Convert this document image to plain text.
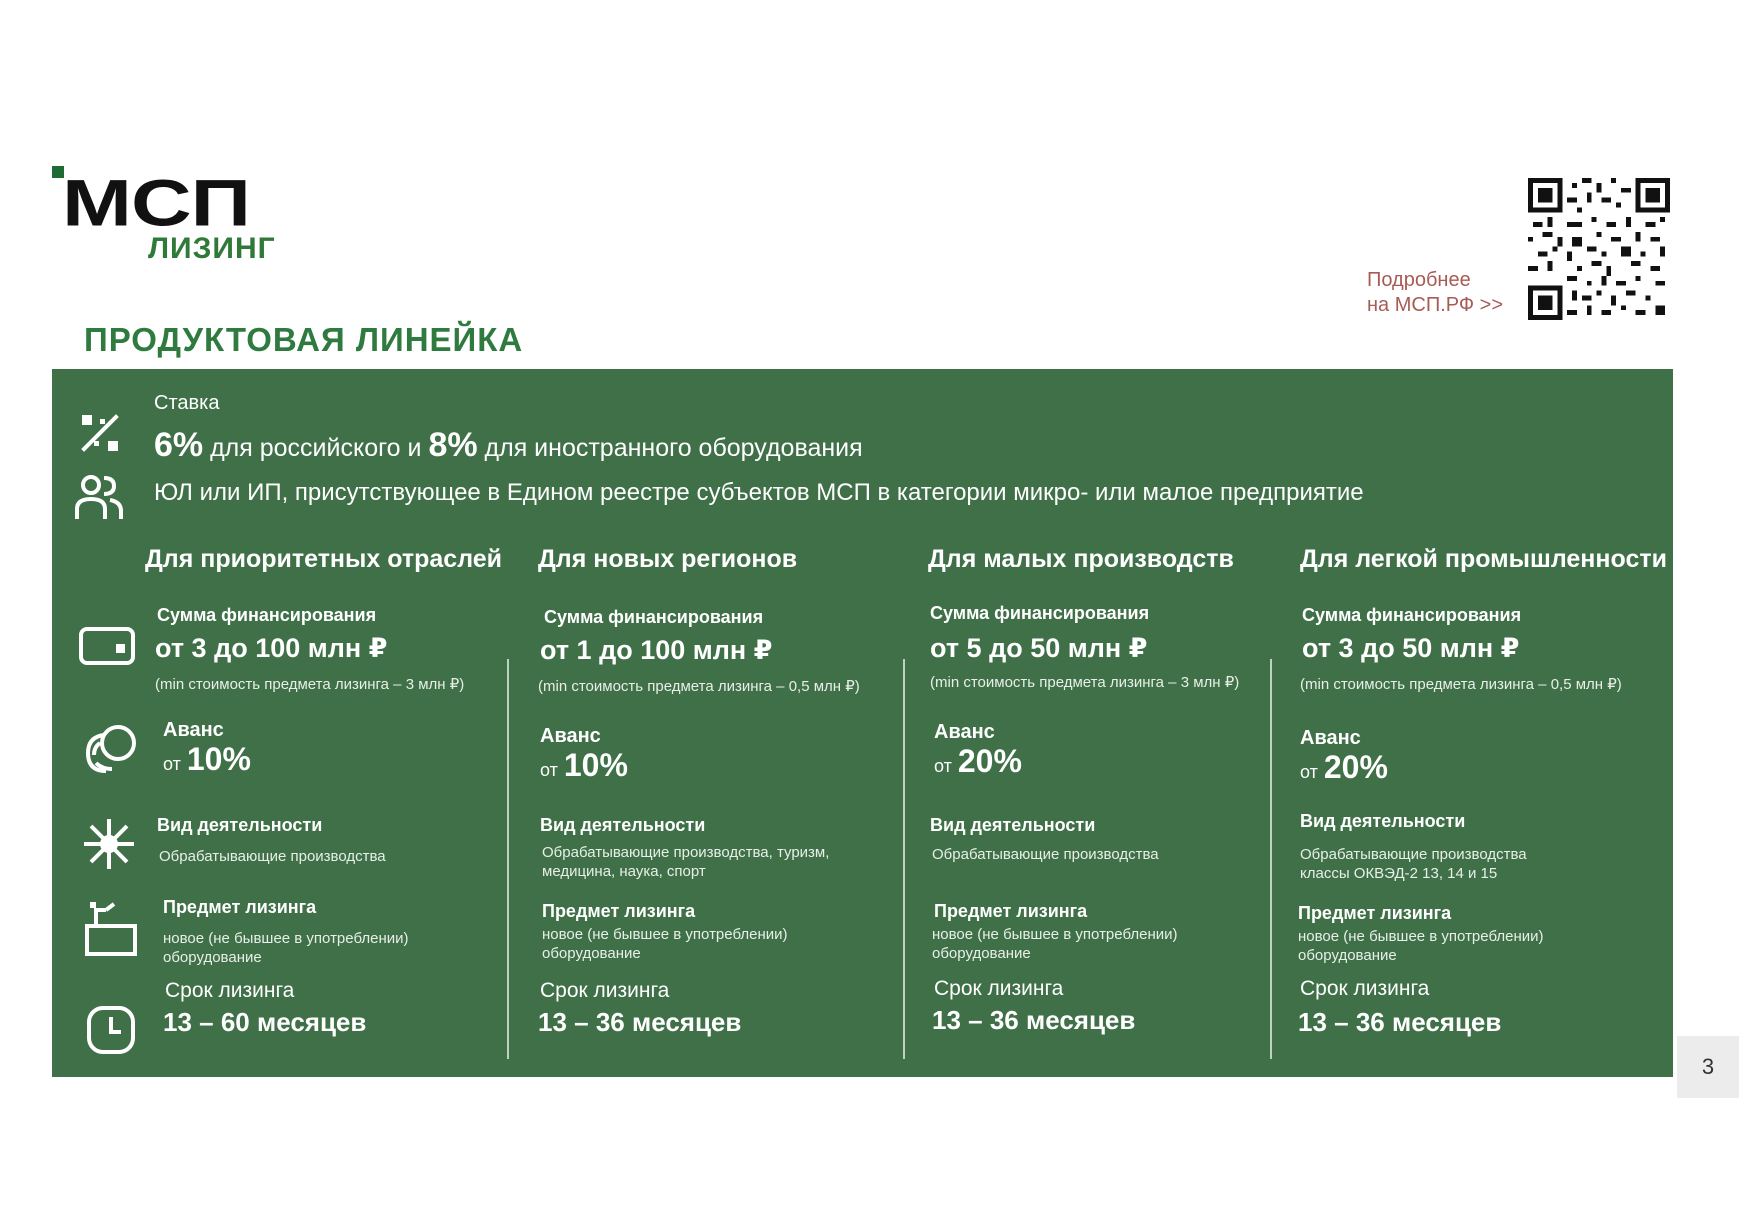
МСП
ЛИЗИНГ
Подробнее
на МСП.РФ >>
ПРОДУКТОВАЯ ЛИНЕЙКА
Ставка
6% для российского и 8% для иностранного оборудования
ЮЛ или ИП, присутствующее в Едином реестре субъектов МСП в категории микро- или малое предприятие
Для приоритетных отраслей
Сумма финансирования
от 3 до 100 млн ₽
(min стоимость предмета лизинга – 3 млн ₽)
Аванс
от 10%
Вид деятельности
Обрабатывающие производства
Предмет лизинга
новое (не бывшее в употреблении) оборудование
Срок лизинга
13 – 60 месяцев
Для новых регионов
Сумма финансирования
от 1 до 100 млн ₽
(min стоимость предмета лизинга – 0,5 млн ₽)
Аванс
от 10%
Вид деятельности
Обрабатывающие производства, туризм, медицина, наука, спорт
Предмет лизинга
новое (не бывшее в употреблении) оборудование
Срок лизинга
13 – 36 месяцев
Для малых производств
Сумма финансирования
от 5 до 50 млн ₽
(min стоимость предмета лизинга – 3 млн ₽)
Аванс
от 20%
Вид деятельности
Обрабатывающие производства
Предмет лизинга
новое (не бывшее в употреблении) оборудование
Срок лизинга
13 – 36 месяцев
Для легкой промышленности
Сумма финансирования
от 3 до 50 млн ₽
(min стоимость предмета лизинга – 0,5 млн ₽)
Аванс
от 20%
Вид деятельности
Обрабатывающие производства классы ОКВЭД-2 13, 14 и 15
Предмет лизинга
новое (не бывшее в употреблении) оборудование
Срок лизинга
13 – 36 месяцев
3
